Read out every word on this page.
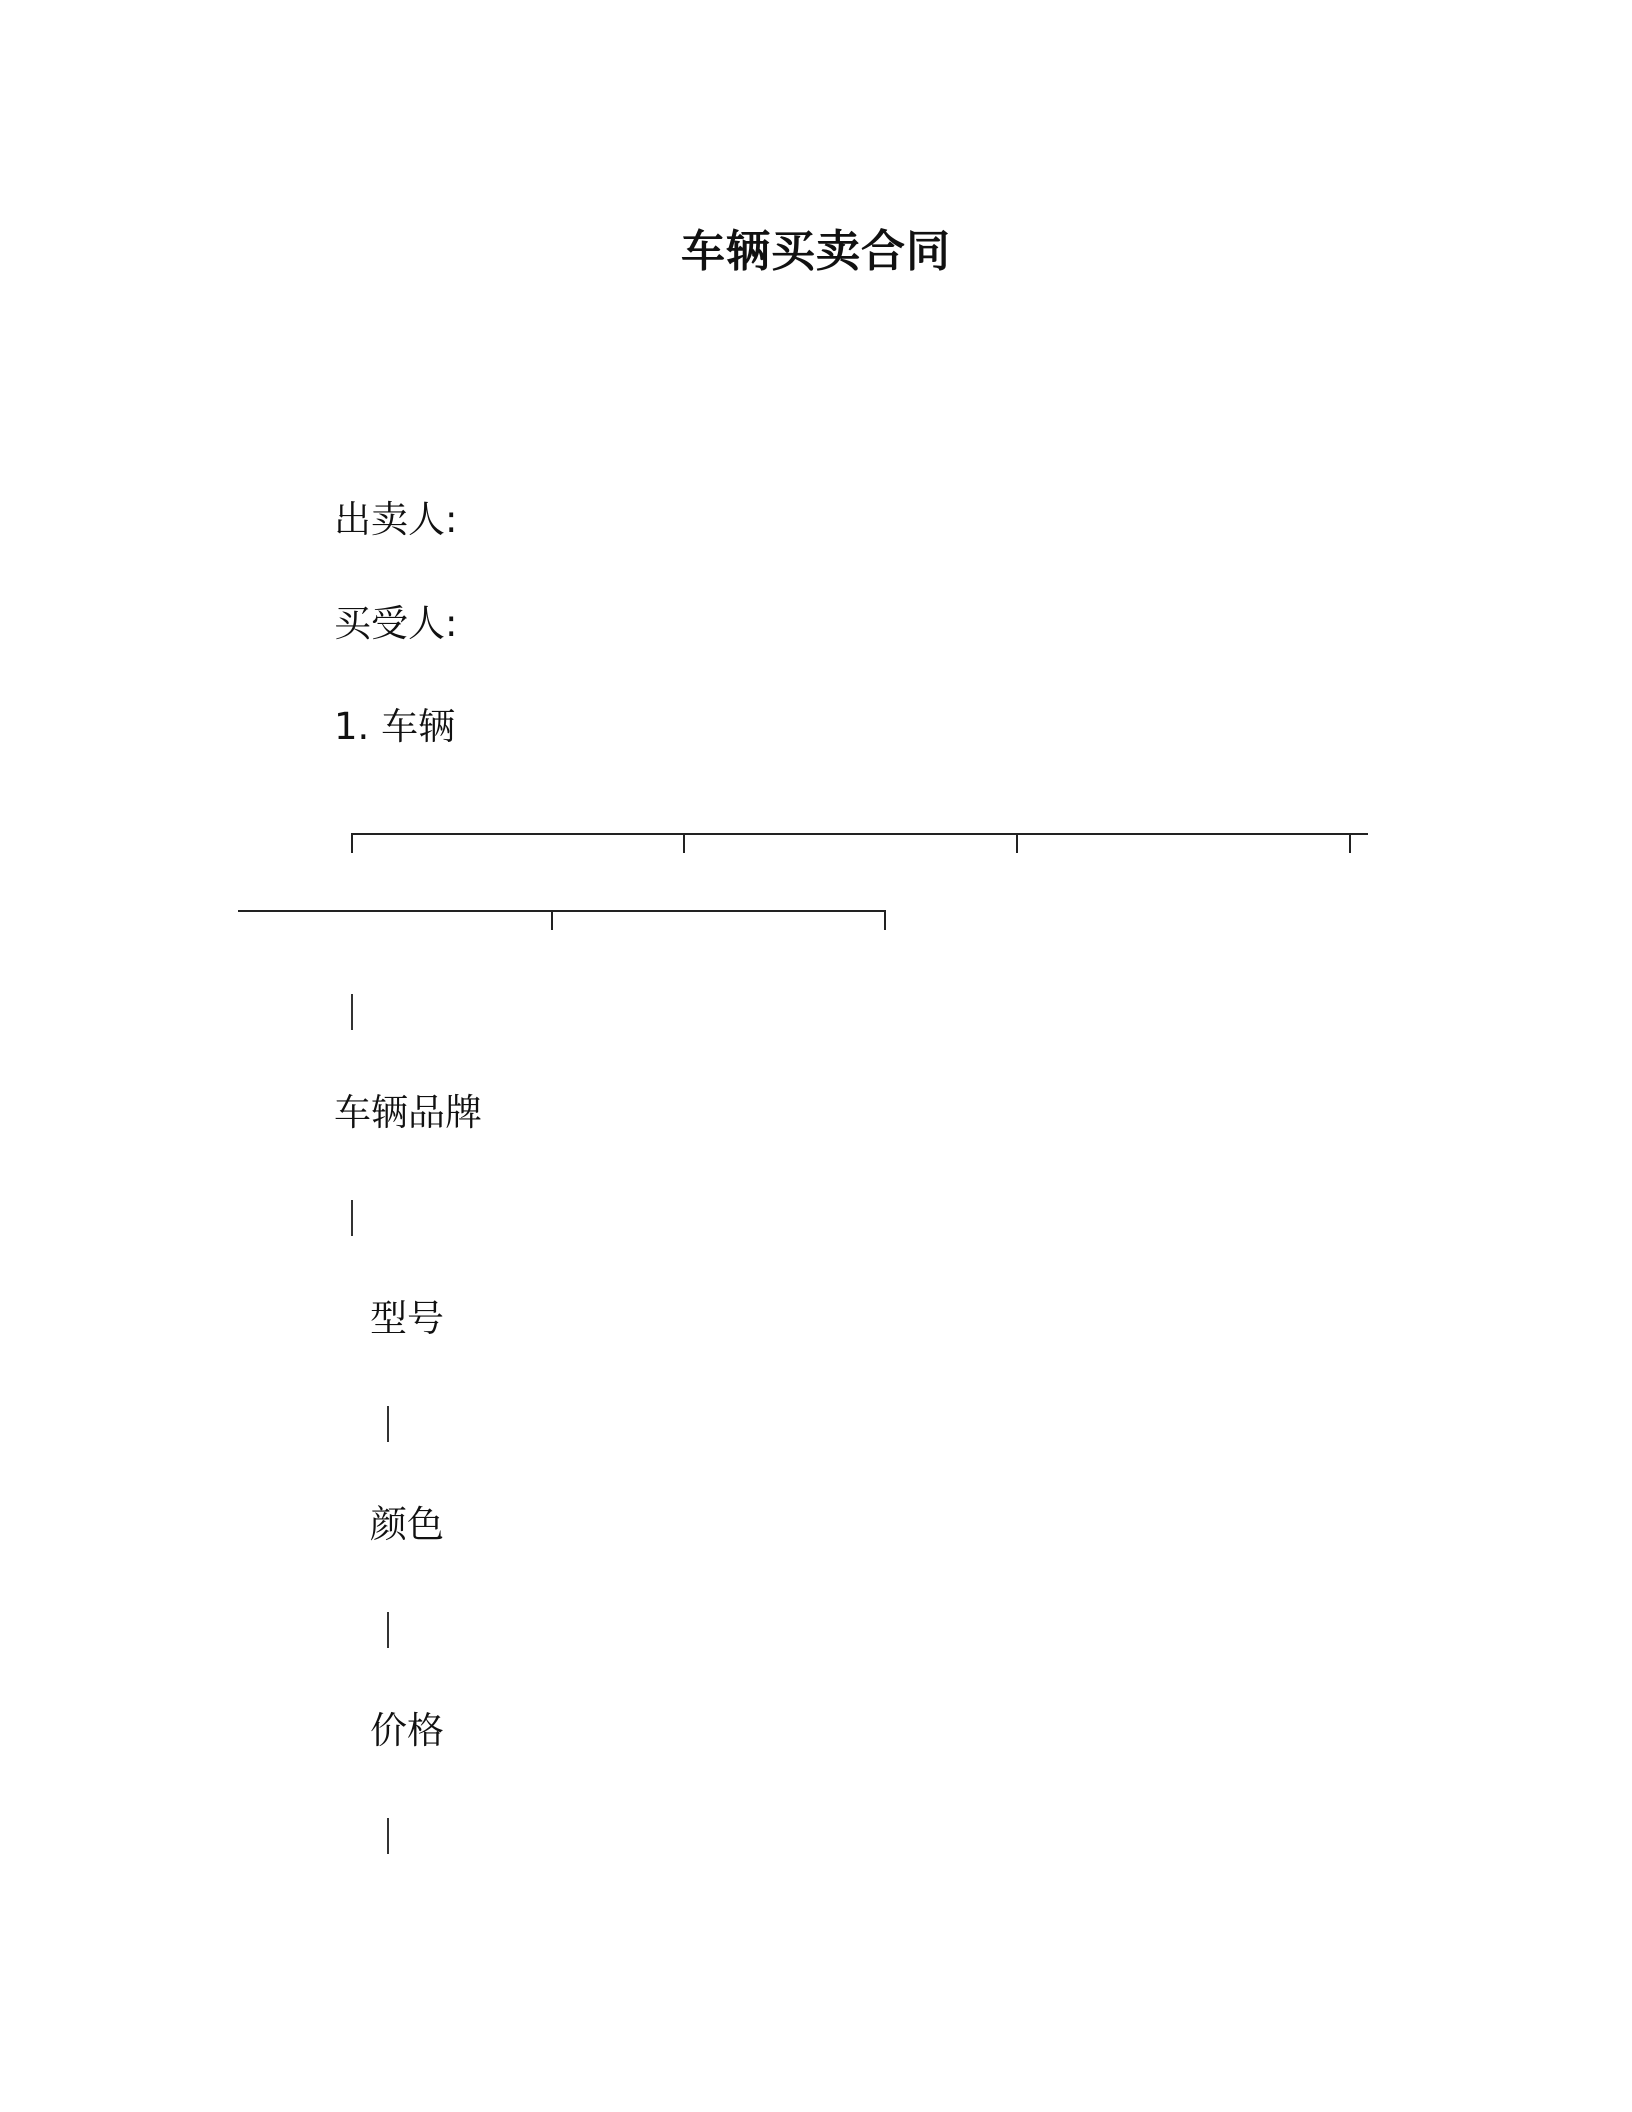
车辆买卖合同
出卖人:
买受人:
1. 车辆
车辆品牌
型号
颜色
价格
